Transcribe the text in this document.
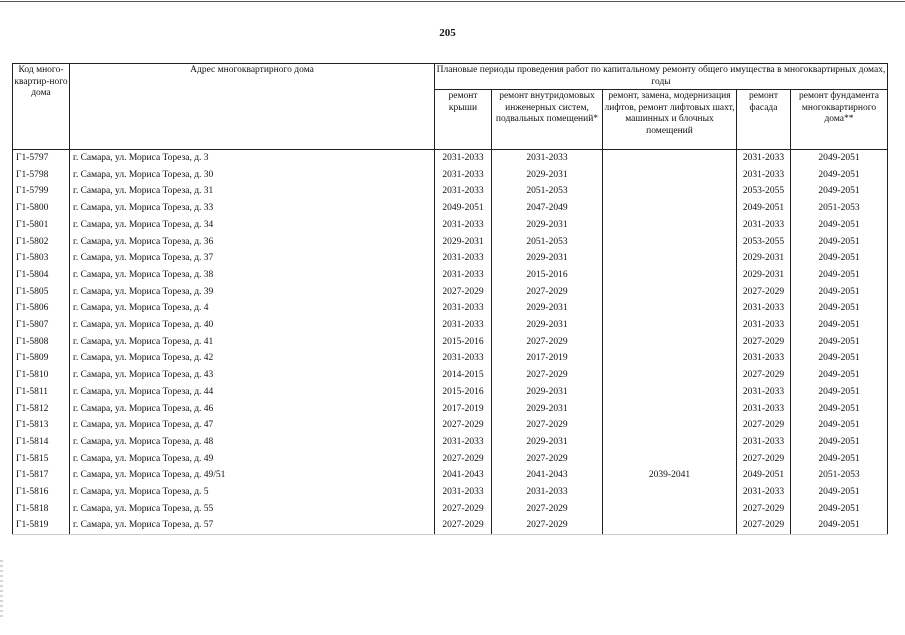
205
Код много-квартир-ного дома	Адрес многоквартирного дома	Плановые периоды проведения работ по капитальному ремонту общего имущества в многоквартирных домах, годы				
		ремонт крыши	ремонт внутридомовых инженерных систем, подвальных помещений*	ремонт, замена, модернизация лифтов, ремонт лифтовых шахт, машинных и блочных помещений	ремонт фасада	ремонт фундамента многоквартирного дома**
Г1-5797	г. Самара, ул. Мориса Тореза, д. 3	2031-2033	2031-2033		2031-2033	2049-2051
Г1-5798	г. Самара, ул. Мориса Тореза, д. 30	2031-2033	2029-2031		2031-2033	2049-2051
Г1-5799	г. Самара, ул. Мориса Тореза, д. 31	2031-2033	2051-2053		2053-2055	2049-2051
Г1-5800	г. Самара, ул. Мориса Тореза, д. 33	2049-2051	2047-2049		2049-2051	2051-2053
Г1-5801	г. Самара, ул. Мориса Тореза, д. 34	2031-2033	2029-2031		2031-2033	2049-2051
Г1-5802	г. Самара, ул. Мориса Тореза, д. 36	2029-2031	2051-2053		2053-2055	2049-2051
Г1-5803	г. Самара, ул. Мориса Тореза, д. 37	2031-2033	2029-2031		2029-2031	2049-2051
Г1-5804	г. Самара, ул. Мориса Тореза, д. 38	2031-2033	2015-2016		2029-2031	2049-2051
Г1-5805	г. Самара, ул. Мориса Тореза, д. 39	2027-2029	2027-2029		2027-2029	2049-2051
Г1-5806	г. Самара, ул. Мориса Тореза, д. 4	2031-2033	2029-2031		2031-2033	2049-2051
Г1-5807	г. Самара, ул. Мориса Тореза, д. 40	2031-2033	2029-2031		2031-2033	2049-2051
Г1-5808	г. Самара, ул. Мориса Тореза, д. 41	2015-2016	2027-2029		2027-2029	2049-2051
Г1-5809	г. Самара, ул. Мориса Тореза, д. 42	2031-2033	2017-2019		2031-2033	2049-2051
Г1-5810	г. Самара, ул. Мориса Тореза, д. 43	2014-2015	2027-2029		2027-2029	2049-2051
Г1-5811	г. Самара, ул. Мориса Тореза, д. 44	2015-2016	2029-2031		2031-2033	2049-2051
Г1-5812	г. Самара, ул. Мориса Тореза, д. 46	2017-2019	2029-2031		2031-2033	2049-2051
Г1-5813	г. Самара, ул. Мориса Тореза, д. 47	2027-2029	2027-2029		2027-2029	2049-2051
Г1-5814	г. Самара, ул. Мориса Тореза, д. 48	2031-2033	2029-2031		2031-2033	2049-2051
Г1-5815	г. Самара, ул. Мориса Тореза, д. 49	2027-2029	2027-2029		2027-2029	2049-2051
Г1-5817	г. Самара, ул. Мориса Тореза, д. 49/51	2041-2043	2041-2043	2039-2041	2049-2051	2051-2053
Г1-5816	г. Самара, ул. Мориса Тореза, д. 5	2031-2033	2031-2033		2031-2033	2049-2051
Г1-5818	г. Самара, ул. Мориса Тореза, д. 55	2027-2029	2027-2029		2027-2029	2049-2051
Г1-5819	г. Самара, ул. Мориса Тореза, д. 57	2027-2029	2027-2029		2027-2029	2049-2051
